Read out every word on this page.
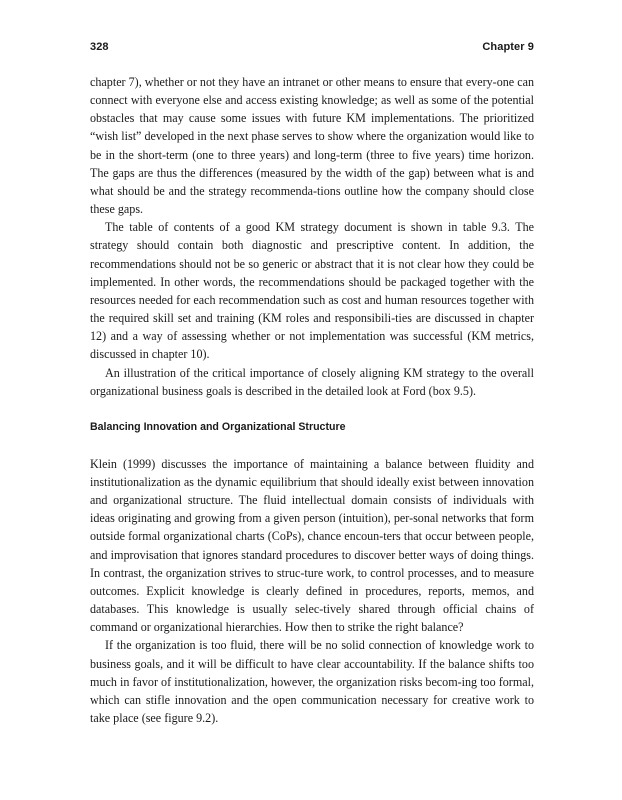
328	Chapter 9

chapter 7), whether or not they have an intranet or other means to ensure that every-one can connect with everyone else and access existing knowledge; as well as some of the potential obstacles that may cause some issues with future KM implementations. The prioritized “wish list” developed in the next phase serves to show where the organization would like to be in the short-term (one to three years) and long-term (three to five years) time horizon. The gaps are thus the differences (measured by the width of the gap) between what is and what should be and the strategy recommenda-tions outline how the company should close these gaps.

The table of contents of a good KM strategy document is shown in table 9.3. The strategy should contain both diagnostic and prescriptive content. In addition, the recommendations should not be so generic or abstract that it is not clear how they could be implemented. In other words, the recommendations should be packaged together with the resources needed for each recommendation such as cost and human resources together with the required skill set and training (KM roles and responsibili-ties are discussed in chapter 12) and a way of assessing whether or not implementation was successful (KM metrics, discussed in chapter 10).

An illustration of the critical importance of closely aligning KM strategy to the overall organizational business goals is described in the detailed look at Ford (box 9.5).

Balancing Innovation and Organizational Structure

Klein (1999) discusses the importance of maintaining a balance between fluidity and institutionalization as the dynamic equilibrium that should ideally exist between innovation and organizational structure. The fluid intellectual domain consists of individuals with ideas originating and growing from a given person (intuition), per-sonal networks that form outside formal organizational charts (CoPs), chance encoun-ters that occur between people, and improvisation that ignores standard procedures to discover better ways of doing things. In contrast, the organization strives to struc-ture work, to control processes, and to measure outcomes. Explicit knowledge is clearly defined in procedures, reports, memos, and databases. This knowledge is usually selec-tively shared through official chains of command or organizational hierarchies. How then to strike the right balance?

If the organization is too fluid, there will be no solid connection of knowledge work to business goals, and it will be difficult to have clear accountability. If the balance shifts too much in favor of institutionalization, however, the organization risks becom-ing too formal, which can stifle innovation and the open communication necessary for creative work to take place (see figure 9.2).
